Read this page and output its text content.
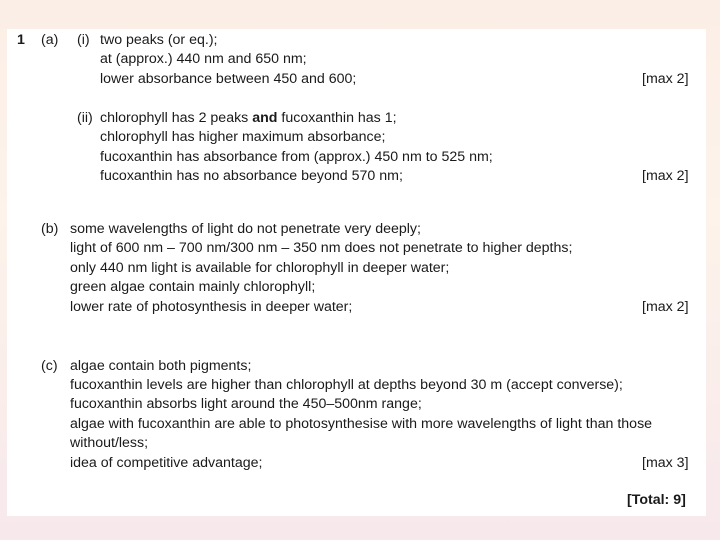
1 (a) (i) two peaks (or eq.);
at (approx.) 440 nm and 650 nm;
lower absorbance between 450 and 600;	[max 2]
(ii) chlorophyll has 2 peaks and fucoxanthin has 1;
chlorophyll has higher maximum absorbance;
fucoxanthin has absorbance from (approx.) 450 nm to 525 nm;
fucoxanthin has no absorbance beyond 570 nm;	[max 2]
(b) some wavelengths of light do not penetrate very deeply;
light of 600 nm – 700 nm/300 nm – 350 nm does not penetrate to higher depths;
only 440 nm light is available for chlorophyll in deeper water;
green algae contain mainly chlorophyll;
lower rate of photosynthesis in deeper water;	[max 2]
(c) algae contain both pigments;
fucoxanthin levels are higher than chlorophyll at depths beyond 30 m (accept converse);
fucoxanthin absorbs light around the 450–500nm range;
algae with fucoxanthin are able to photosynthesise with more wavelengths of light than those
without/less;
idea of competitive advantage;	[max 3]
[Total: 9]
